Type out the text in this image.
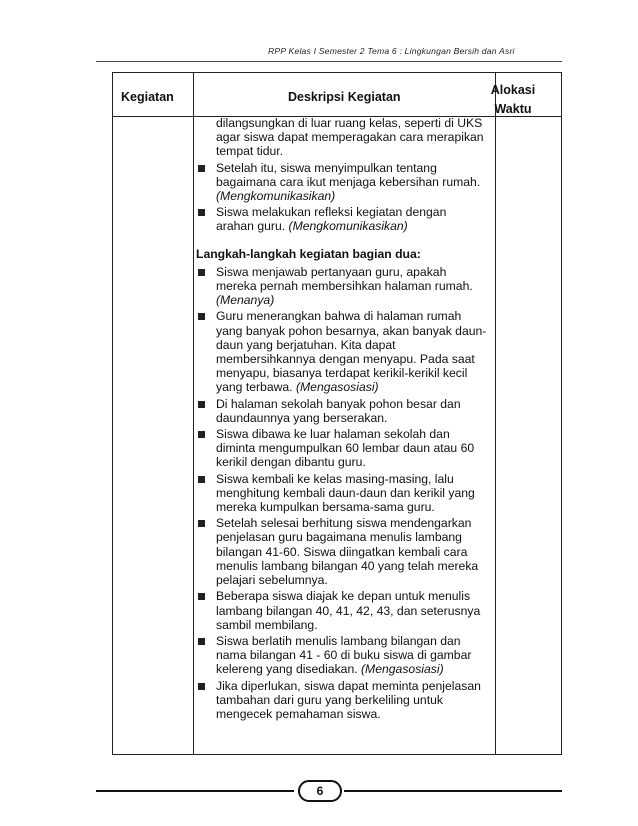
RPP Kelas I Semester 2 Tema 6 : Lingkungan Bersih dan Asri
Kegiatan	Deskripsi Kegiatan	Alokasi
Waktu
dilangsungkan di luar ruang kelas, seperti di UKS
agar siswa dapat memperagakan cara merapikan
tempat tidur.
Setelah itu, siswa menyimpulkan tentang
bagaimana cara ikut menjaga kebersihan rumah.
(Mengkomunikasikan)
Siswa melakukan refleksi kegiatan dengan
arahan guru. (Mengkomunikasikan)
Langkah-langkah kegiatan bagian dua:
Siswa menjawab pertanyaan guru, apakah
mereka pernah membersihkan halaman rumah.
(Menanya)
Guru menerangkan bahwa di halaman rumah
yang banyak pohon besarnya, akan banyak daun-
daun yang berjatuhan. Kita dapat
membersihkannya dengan menyapu. Pada saat
menyapu, biasanya terdapat kerikil-kerikil kecil
yang terbawa. (Mengasosiasi)
Di halaman sekolah banyak pohon besar dan
daundaunnya yang berserakan.
Siswa dibawa ke luar halaman sekolah dan
diminta mengumpulkan 60 lembar daun atau 60
kerikil dengan dibantu guru.
Siswa kembali ke kelas masing-masing, lalu
menghitung kembali daun-daun dan kerikil yang
mereka kumpulkan bersama-sama guru.
Setelah selesai berhitung siswa mendengarkan
penjelasan guru bagaimana menulis lambang
bilangan 41-60. Siswa diingatkan kembali cara
menulis lambang bilangan 40 yang telah mereka
pelajari sebelumnya.
Beberapa siswa diajak ke depan untuk menulis
lambang bilangan 40, 41, 42, 43, dan seterusnya
sambil membilang.
Siswa berlatih menulis lambang bilangan dan
nama bilangan 41 - 60 di buku siswa di gambar
kelereng yang disediakan. (Mengasosiasi)
Jika diperlukan, siswa dapat meminta penjelasan
tambahan dari guru yang berkeliling untuk
mengecek pemahaman siswa.
6
